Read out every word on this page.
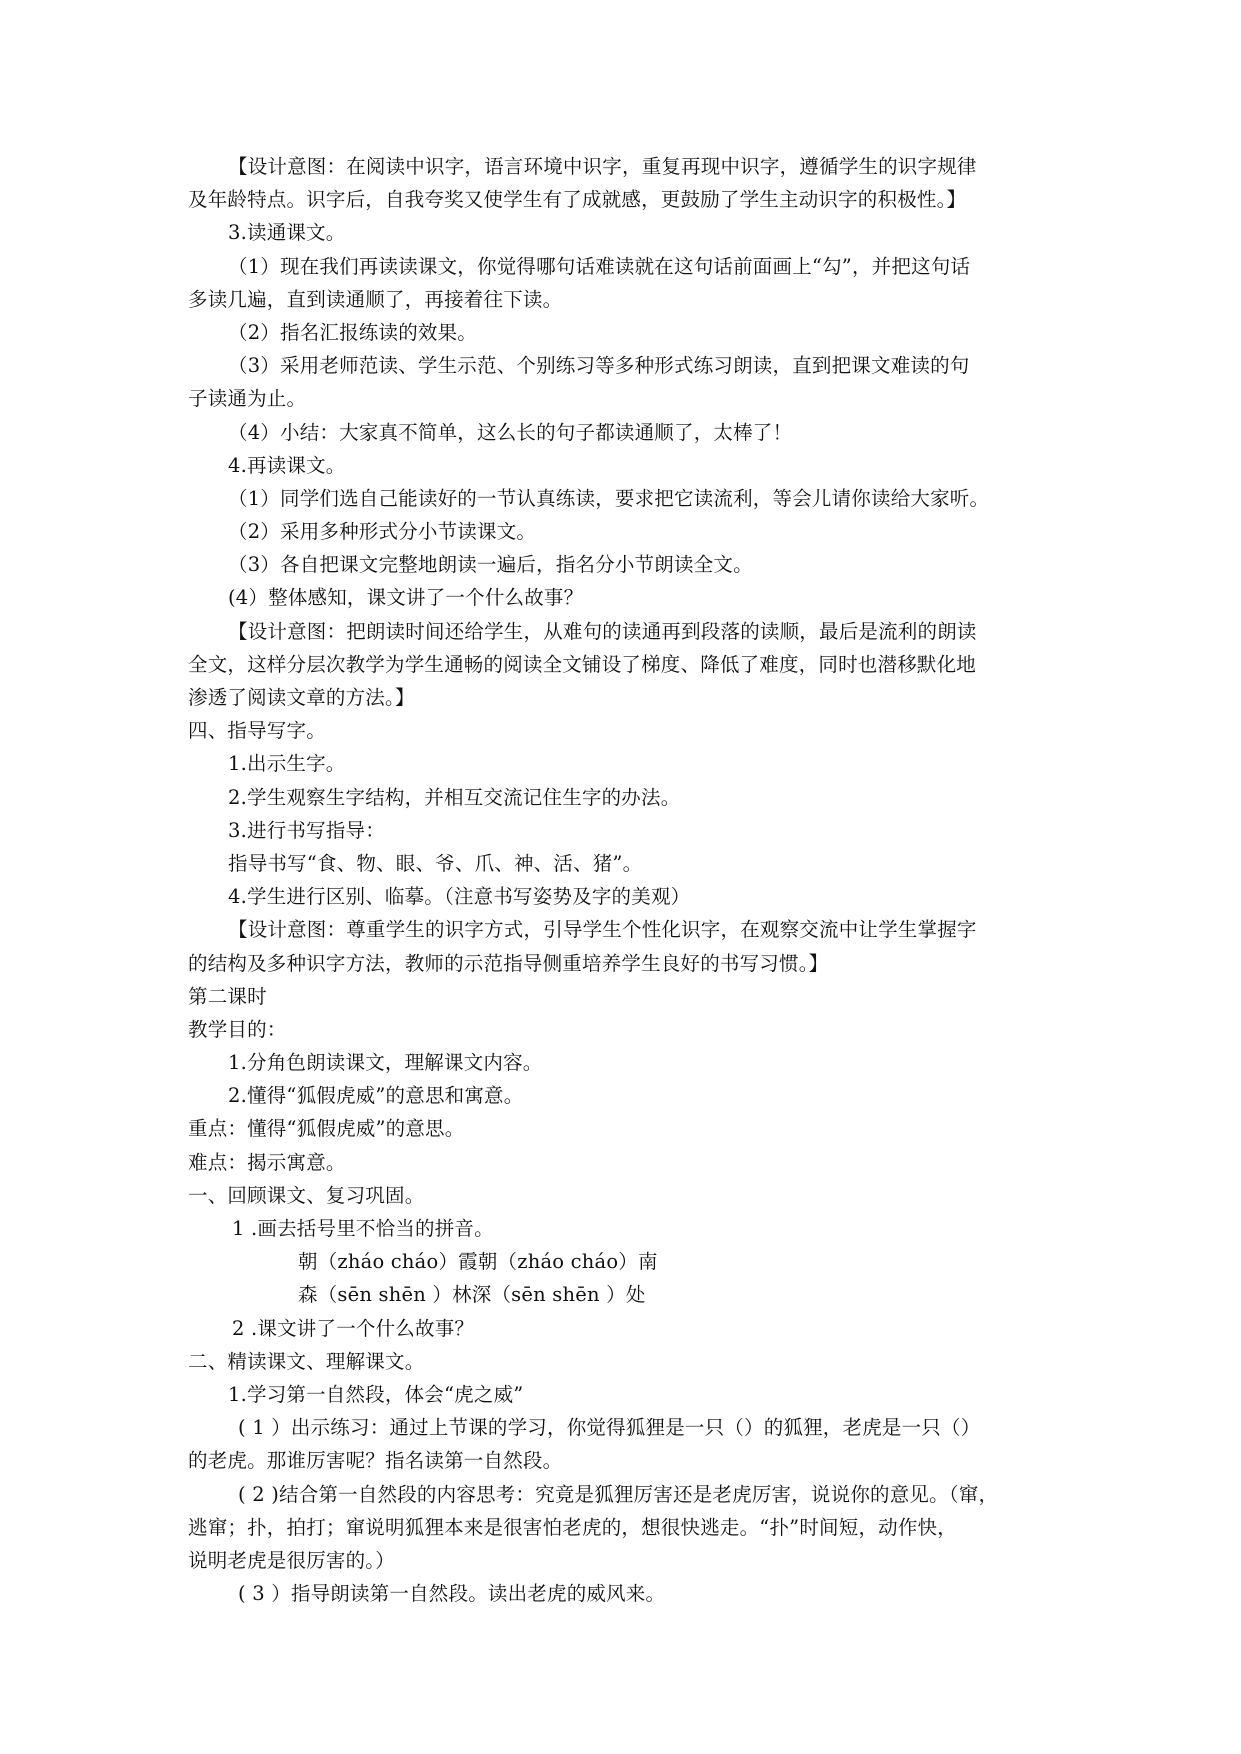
【设计意图：在阅读中识字，语言环境中识字，重复再现中识字，遵循学生的识字规律
及年龄特点。识字后，自我夸奖又使学生有了成就感，更鼓励了学生主动识字的积极性。】
3.读通课文。
（1）现在我们再读读课文，你觉得哪句话难读就在这句话前面画上“勾”，并把这句话
多读几遍，直到读通顺了，再接着往下读。
（2）指名汇报练读的效果。
（3）采用老师范读、学生示范、个别练习等多种形式练习朗读，直到把课文难读的句
子读通为止。
（4）小结：大家真不简单，这么长的句子都读通顺了，太棒了！
4.再读课文。
（1）同学们选自己能读好的一节认真练读，要求把它读流利，等会儿请你读给大家听。
（2）采用多种形式分小节读课文。
（3）各自把课文完整地朗读一遍后，指名分小节朗读全文。
(4）整体感知，课文讲了一个什么故事？
【设计意图：把朗读时间还给学生，从难句的读通再到段落的读顺，最后是流利的朗读
全文，这样分层次教学为学生通畅的阅读全文铺设了梯度、降低了难度，同时也潜移默化地
渗透了阅读文章的方法。】
四、指导写字。
1.出示生字。
2.学生观察生字结构，并相互交流记住生字的办法。
3.进行书写指导：
指导书写“食、物、眼、爷、爪、神、活、猪”。
4.学生进行区别、临摹。（注意书写姿势及字的美观）
【设计意图：尊重学生的识字方式，引导学生个性化识字，在观察交流中让学生掌握字
的结构及多种识字方法，教师的示范指导侧重培养学生良好的书写习惯。】
第二课时
教学目的：
1.分角色朗读课文，理解课文内容。
2.懂得“狐假虎威”的意思和寓意。
重点：懂得“狐假虎威”的意思。
难点：揭示寓意。
一、回顾课文、复习巩固。
1 .画去括号里不恰当的拼音。
朝（zháo cháo）霞朝（zháo cháo）南
森（sēn shēn ）林深（sēn shēn ）处
2 .课文讲了一个什么故事？
二、精读课文、理解课文。
1.学习第一自然段，体会“虎之威”
( 1 ）出示练习：通过上节课的学习，你觉得狐狸是一只（）的狐狸，老虎是一只（）
的老虎。那谁厉害呢？指名读第一自然段。
( 2 )结合第一自然段的内容思考：究竟是狐狸厉害还是老虎厉害，说说你的意见。（窜，
逃窜；扑，拍打；窜说明狐狸本来是很害怕老虎的，想很快逃走。“扑”时间短，动作快，
说明老虎是很厉害的。）
( 3 ）指导朗读第一自然段。读出老虎的威风来。
